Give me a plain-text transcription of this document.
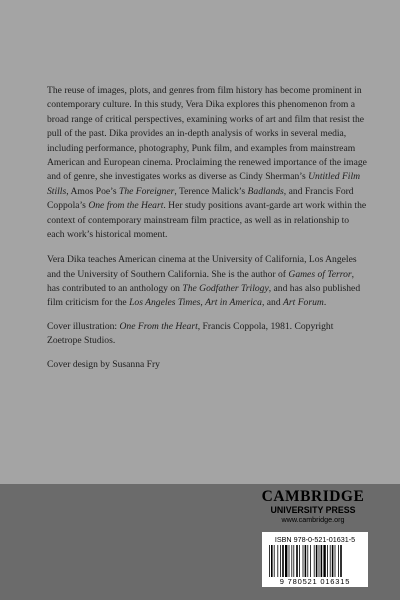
The reuse of images, plots, and genres from film history has become prominent in contemporary culture. In this study, Vera Dika explores this phenomenon from a broad range of critical perspectives, examining works of art and film that resist the pull of the past. Dika provides an in-depth analysis of works in several media, including performance, photography, Punk film, and examples from mainstream American and European cinema. Proclaiming the renewed importance of the image and of genre, she investigates works as diverse as Cindy Sherman’s Untitled Film Stills, Amos Poe’s The Foreigner, Terence Malick’s Badlands, and Francis Ford Coppola’s One from the Heart. Her study positions avant-garde art work within the context of contemporary mainstream film practice, as well as in relationship to each work’s historical moment.

Vera Dika teaches American cinema at the University of California, Los Angeles and the University of Southern California. She is the author of Games of Terror, has contributed to an anthology on The Godfather Trilogy, and has also published film criticism for the Los Angeles Times, Art in America, and Art Forum.

Cover illustration: One From the Heart, Francis Coppola, 1981. Copyright Zoetrope Studios.

Cover design by Susanna Fry

CAMBRIDGE
UNIVERSITY PRESS
www.cambridge.org
ISBN 978-0-521-01631-5
9 780521 016315
